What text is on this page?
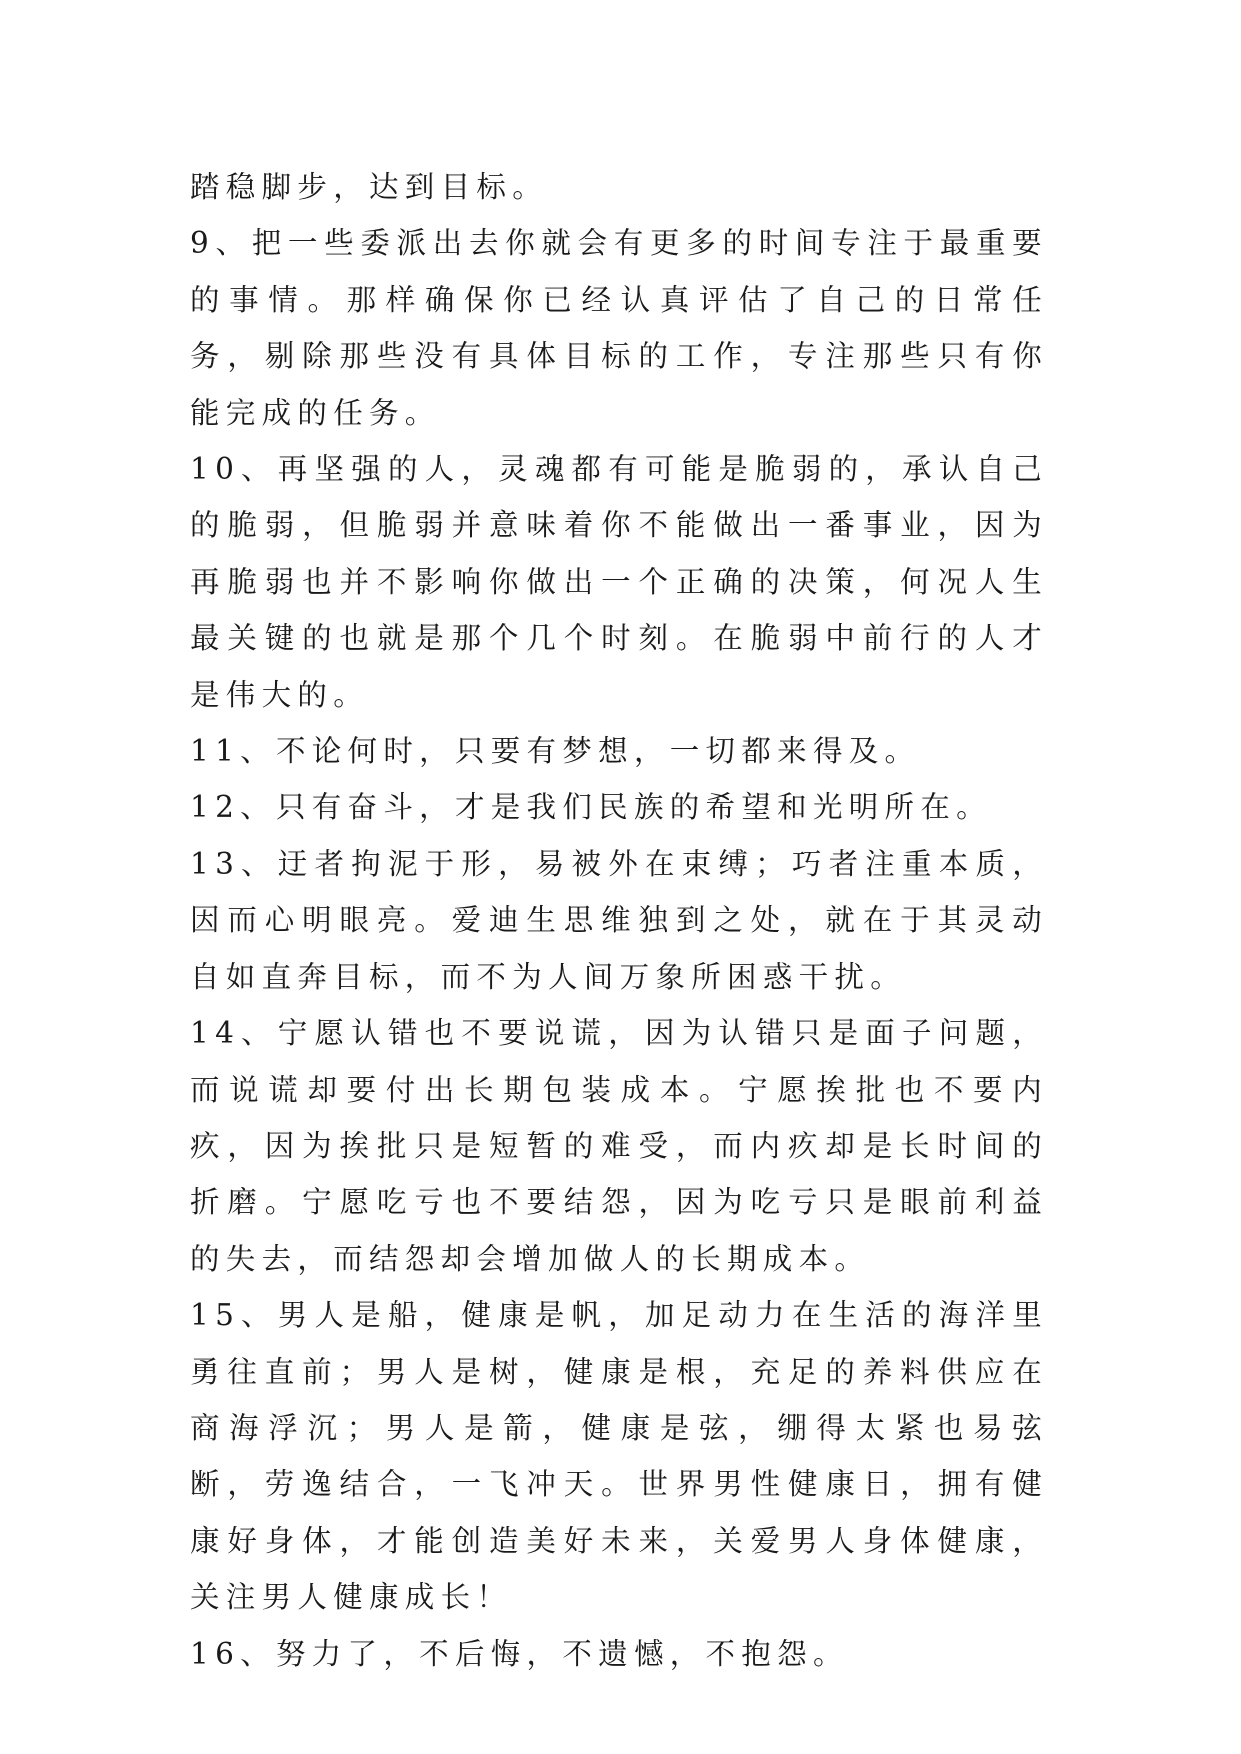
踏稳脚步，达到目标。

9、把一些委派出去你就会有更多的时间专注于最重要的事情。那样确保你已经认真评估了自己的日常任务，剔除那些没有具体目标的工作，专注那些只有你能完成的任务。

10、再坚强的人，灵魂都有可能是脆弱的，承认自己的脆弱，但脆弱并意味着你不能做出一番事业，因为再脆弱也并不影响你做出一个正确的决策，何况人生最关键的也就是那个几个时刻。在脆弱中前行的人才是伟大的。

11、不论何时，只要有梦想，一切都来得及。

12、只有奋斗，才是我们民族的希望和光明所在。

13、迂者拘泥于形，易被外在束缚；巧者注重本质，因而心明眼亮。爱迪生思维独到之处，就在于其灵动自如直奔目标，而不为人间万象所困惑干扰。

14、宁愿认错也不要说谎，因为认错只是面子问题，而说谎却要付出长期包装成本。宁愿挨批也不要内疚，因为挨批只是短暂的难受，而内疚却是长时间的折磨。宁愿吃亏也不要结怨，因为吃亏只是眼前利益的失去，而结怨却会增加做人的长期成本。

15、男人是船，健康是帆，加足动力在生活的海洋里勇往直前；男人是树，健康是根，充足的养料供应在商海浮沉；男人是箭，健康是弦，绷得太紧也易弦断，劳逸结合，一飞冲天。世界男性健康日，拥有健康好身体，才能创造美好未来，关爱男人身体健康，关注男人健康成长！

16、努力了，不后悔，不遗憾，不抱怨。
